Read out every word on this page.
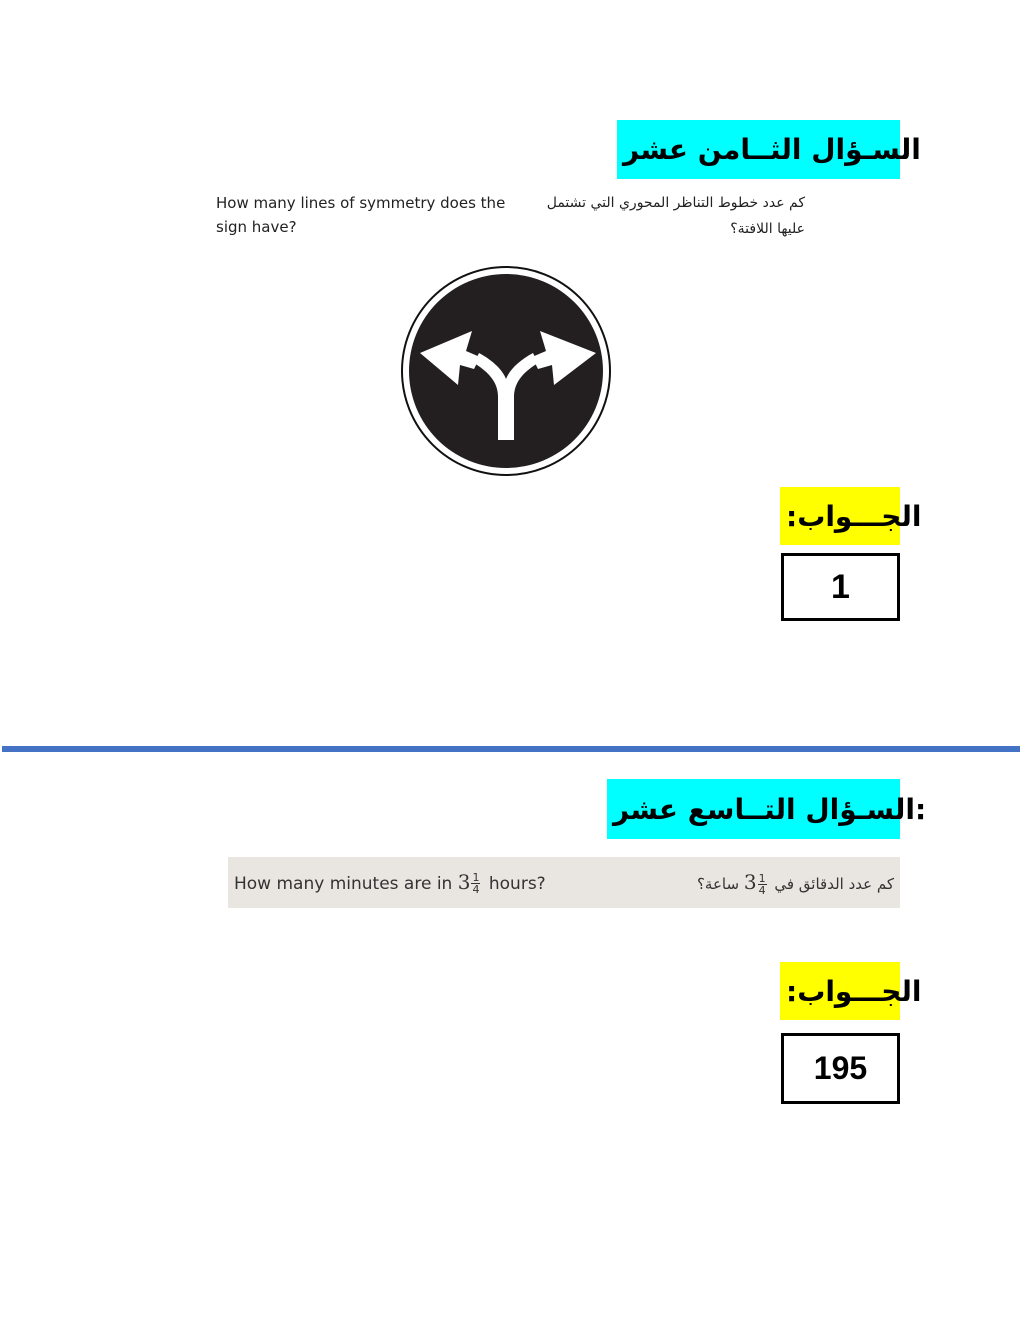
السـؤال الثــامن عشر
How many lines of symmetry does the sign have?
كم عدد خطوط التناظر المحوري التي تشتمل عليها اللافتة؟
الجـــواب:
1
:السـؤال التــاسع عشر
How many minutes are in $3 \frac{1}{4}$ hours?	كم عدد الدقائق في $3 \frac{1}{4}$
ساعة؟
الجـــواب:
195
